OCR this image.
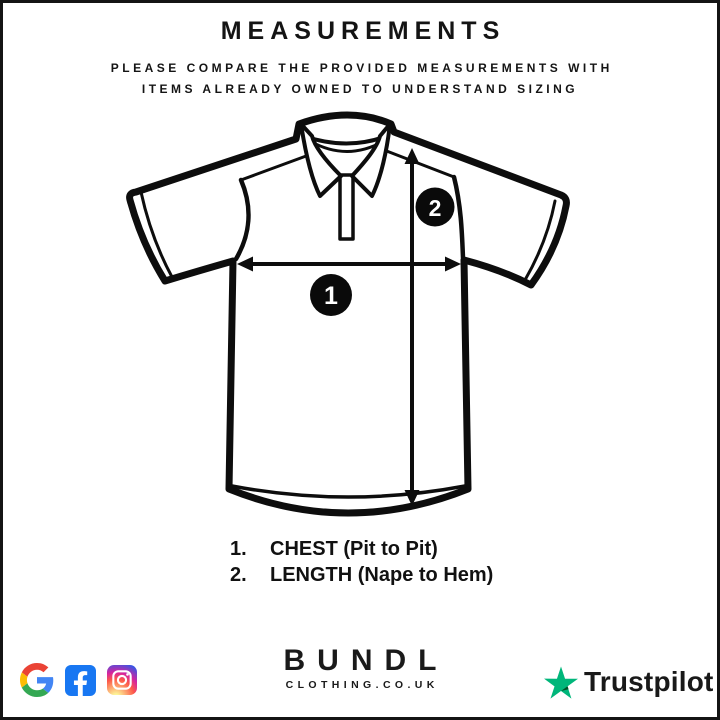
MEASUREMENTS
PLEASE COMPARE THE PROVIDED MEASUREMENTS WITH
ITEMS ALREADY OWNED TO UNDERSTAND SIZING
1
2
1.	CHEST (Pit to Pit)
2.	LENGTH (Nape to Hem)
BUNDL
CLOTHING.CO.UK	Trustpilot
